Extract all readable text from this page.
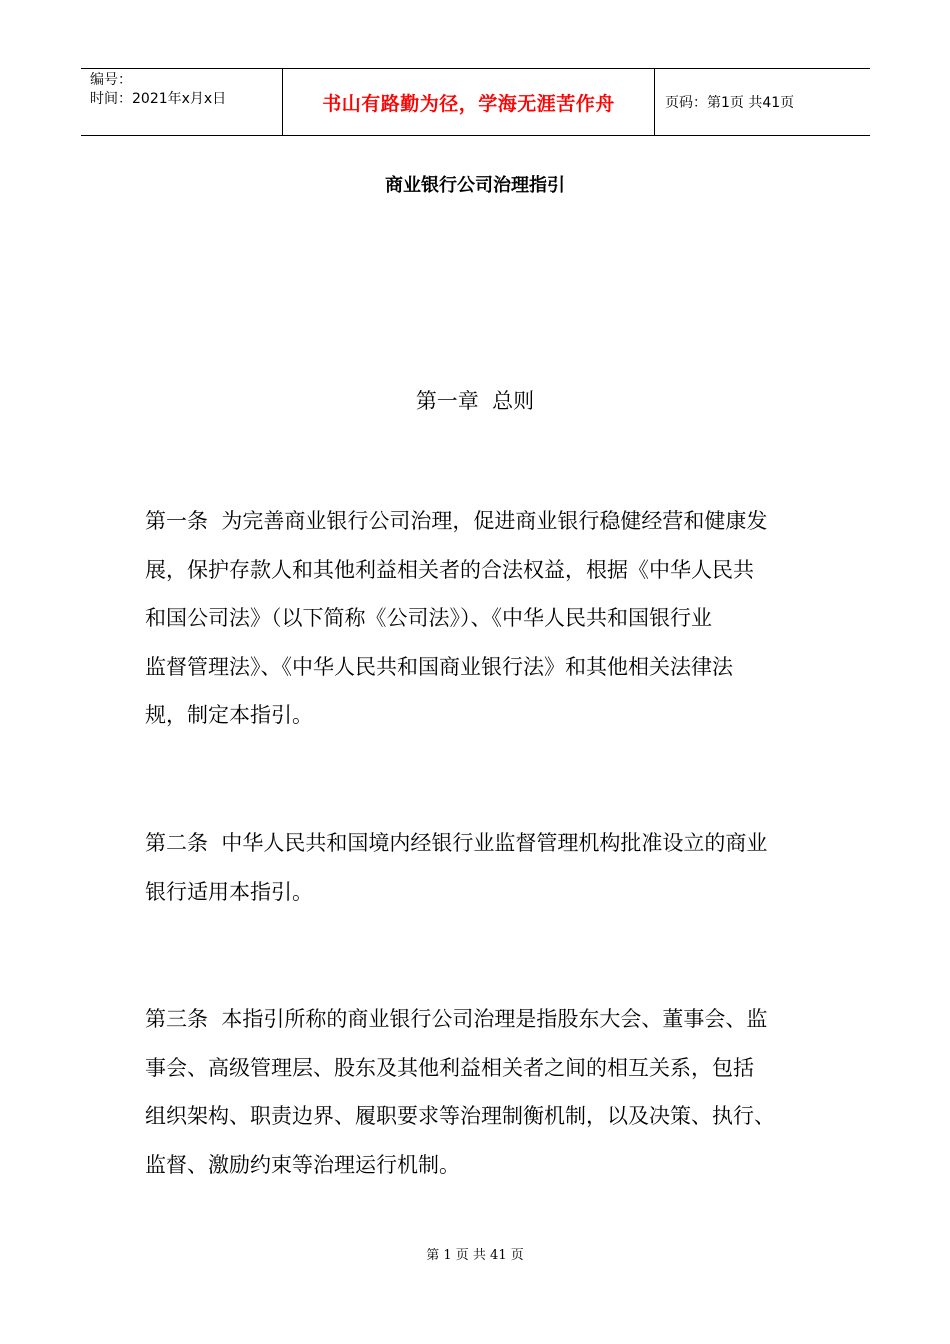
编号：
时间：2021年x月x日	书山有路勤为径，学海无涯苦作舟	页码：第1页 共41页
商业银行公司治理指引
第一章  总则

第一条  为完善商业银行公司治理，促进商业银行稳健经营和健康发
展，保护存款人和其他利益相关者的合法权益，根据《中华人民共
和国公司法》（以下简称《公司法》）、《中华人民共和国银行业
监督管理法》、《中华人民共和国商业银行法》和其他相关法律法
规，制定本指引。

第二条  中华人民共和国境内经银行业监督管理机构批准设立的商业
银行适用本指引。

第三条  本指引所称的商业银行公司治理是指股东大会、董事会、监
事会、高级管理层、股东及其他利益相关者之间的相互关系，包括
组织架构、职责边界、履职要求等治理制衡机制，以及决策、执行、
监督、激励约束等治理运行机制。

第 1 页 共 41 页
